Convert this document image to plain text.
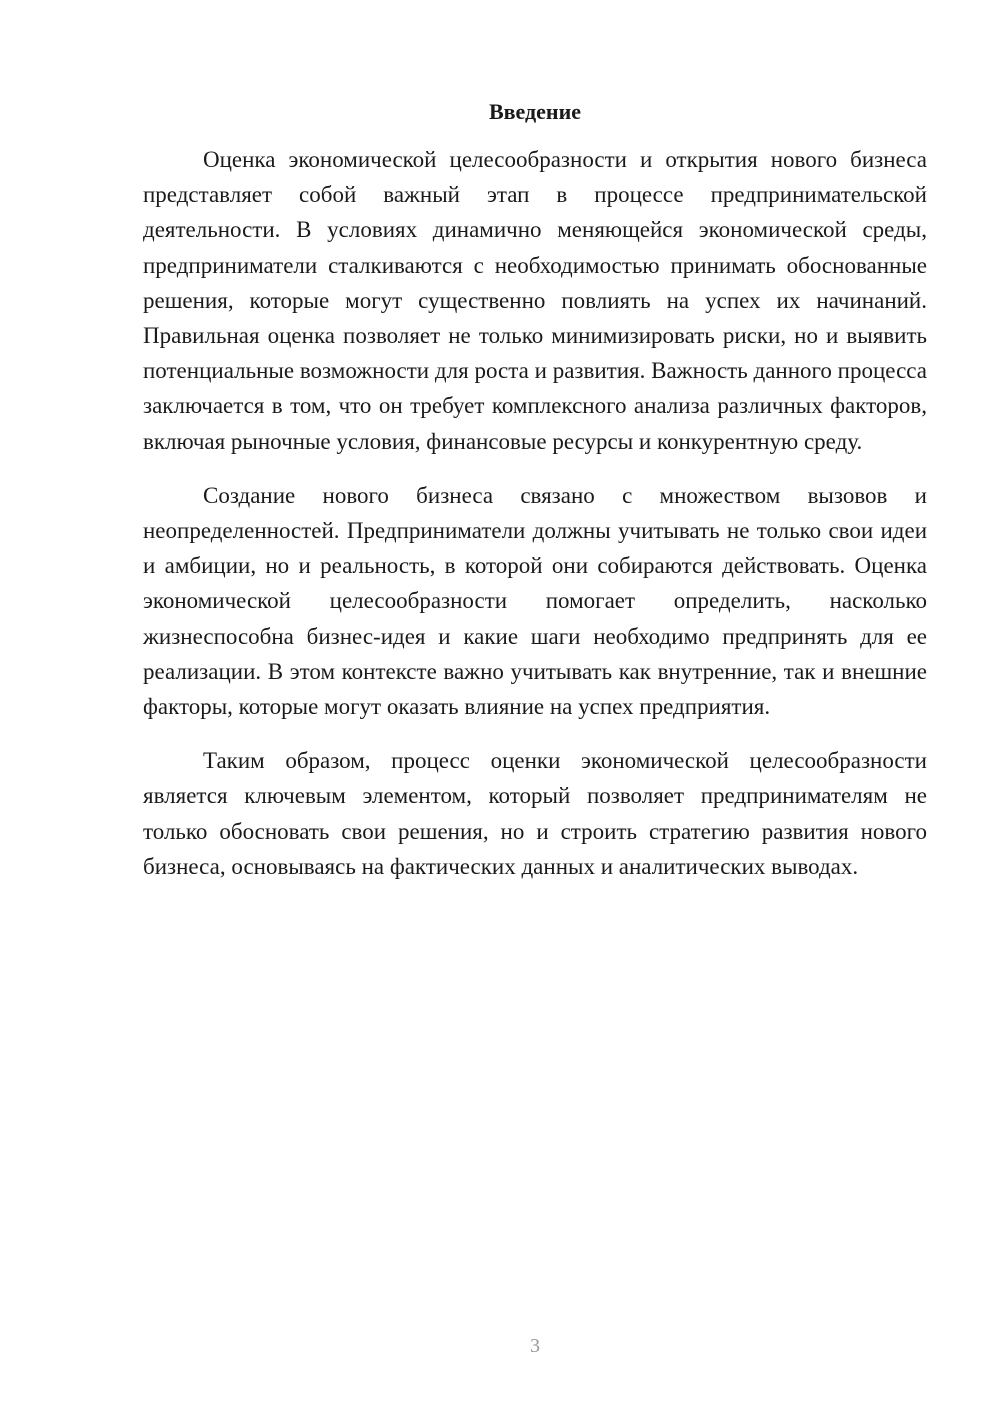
Введение

Оценка экономической целесообразности и открытия нового бизнеса представляет собой важный этап в процессе предпринимательской деятельности. В условиях динамично меняющейся экономической среды, предприниматели сталкиваются с необходимостью принимать обоснованные решения, которые могут существенно повлиять на успех их начинаний. Правильная оценка позволяет не только минимизировать риски, но и выявить потенциальные возможности для роста и развития. Важность данного процесса заключается в том, что он требует комплексного анализа различных факторов, включая рыночные условия, финансовые ресурсы и конкурентную среду.

Создание нового бизнеса связано с множеством вызовов и неопределенностей. Предприниматели должны учитывать не только свои идеи и амбиции, но и реальность, в которой они собираются действовать. Оценка экономической целесообразности помогает определить, насколько жизнеспособна бизнес-идея и какие шаги необходимо предпринять для ее реализации. В этом контексте важно учитывать как внутренние, так и внешние факторы, которые могут оказать влияние на успех предприятия.

Таким образом, процесс оценки экономической целесообразности является ключевым элементом, который позволяет предпринимателям не только обосновать свои решения, но и строить стратегию развития нового бизнеса, основываясь на фактических данных и аналитических выводах.

3
